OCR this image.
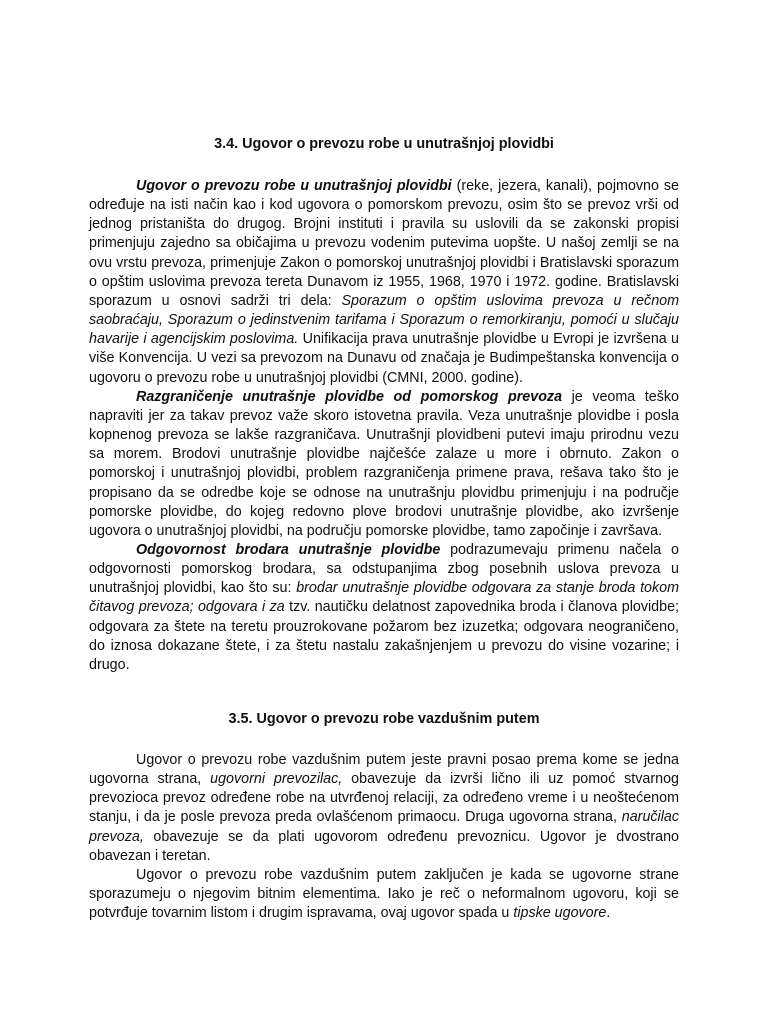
3.4. Ugovor o prevozu robe u unutrašnjoj plovidbi

Ugovor o prevozu robe u unutrašnjoj plovidbi (reke, jezera, kanali), pojmovno se određuje na isti način kao i kod ugovora o pomorskom prevozu, osim što se prevoz vrši od jednog pristaništa do drugog. Brojni instituti i pravila su uslovili da se zakonski propisi primenjuju zajedno sa običajima u prevozu vodenim putevima uopšte. U našoj zemlji se na ovu vrstu prevoza, primenjuje Zakon o pomorskoj unutrašnjoj plovidbi i Bratislavski sporazum o opštim uslovima prevoza tereta Dunavom iz 1955, 1968, 1970 i 1972. godine. Bratislavski sporazum u osnovi sadrži tri dela: Sporazum o opštim uslovima prevoza u rečnom saobraćaju, Sporazum o jedinstvenim tarifama i Sporazum o remorkiranju, pomoći u slučaju havarije i agencijskim poslovima. Unifikacija prava unutrašnje plovidbe u Evropi je izvršena u više Konvencija. U vezi sa prevozom na Dunavu od značaja je Budimpeštanska konvencija o ugovoru o prevozu robe u unutrašnjoj plovidbi (CMNI, 2000. godine).

Razgraničenje unutrašnje plovidbe od pomorskog prevoza je veoma teško napraviti jer za takav prevoz važe skoro istovetna pravila. Veza unutrašnje plovidbe i posla kopnenog prevoza se lakše razgraničava. Unutrašnji plovidbeni putevi imaju prirodnu vezu sa morem. Brodovi unutrašnje plovidbe najčešće zalaze u more i obrnuto. Zakon o pomorskoj i unutrašnjoj plovidbi, problem razgraničenja primene prava, rešava tako što je propisano da se odredbe koje se odnose na unutrašnju plovidbu primenjuju i na područje pomorske plovidbe, do kojeg redovno plove brodovi unutrašnje plovidbe, ako izvršenje ugovora o unutrašnjoj plovidbi, na području pomorske plovidbe, tamo započinje i završava.

Odgovornost brodara unutrašnje plovidbe podrazumevaju primenu načela o odgovornosti pomorskog brodara, sa odstupanjima zbog posebnih uslova prevoza u unutrašnjoj plovidbi, kao što su: brodar unutrašnje plovidbe odgovara za stanje broda tokom čitavog prevoza; odgovara i za tzv. nautičku delatnost zapovednika broda i članova plovidbe; odgovara za štete na teretu prouzrokovane požarom bez izuzetka; odgovara neograničeno, do iznosa dokazane štete, i za štetu nastalu zakašnjenjem u prevozu do visine vozarine; i drugo.

3.5. Ugovor o prevozu robe vazdušnim putem

Ugovor o prevozu robe vazdušnim putem jeste pravni posao prema kome se jedna ugovorna strana, ugovorni prevozilac, obavezuje da izvrši lično ili uz pomoć stvarnog prevozioca prevoz određene robe na utvrđenoj relaciji, za određeno vreme i u neoštećenom stanju, i da je posle prevoza preda ovlašćenom primaocu. Druga ugovorna strana, naručilac prevoza, obavezuje se da plati ugovorom određenu prevoznicu. Ugovor je dvostrano obavezan i teretan.

Ugovor o prevozu robe vazdušnim putem zaključen je kada se ugovorne strane sporazumeju o njegovim bitnim elementima. Iako je reč o neformalnom ugovoru, koji se potvrđuje tovarnim listom i drugim ispravama, ovaj ugovor spada u tipske ugovore.
